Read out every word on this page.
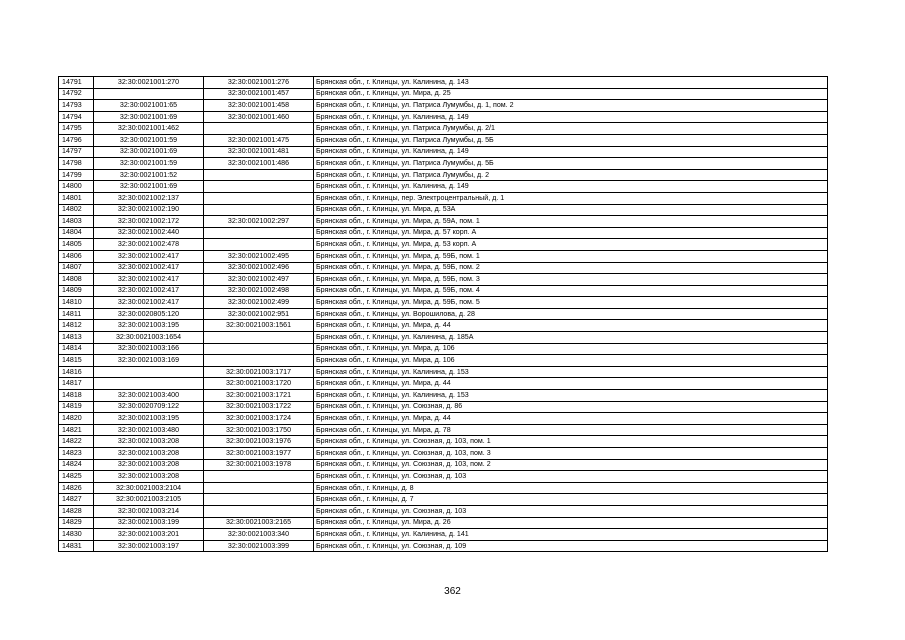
14791	32:30:0021001:270	32:30:0021001:276	Брянская обл., г. Клинцы, ул. Калинина, д. 143
14792		32:30:0021001:457	Брянская обл., г. Клинцы, ул. Мира, д. 25
14793	32:30:0021001:65	32:30:0021001:458	Брянская обл., г. Клинцы, ул. Патриса Лумумбы, д. 1, пом. 2
14794	32:30:0021001:69	32:30:0021001:460	Брянская обл., г. Клинцы, ул. Калинина, д. 149
14795	32:30:0021001:462		Брянская обл., г. Клинцы, ул. Патриса Лумумбы, д. 2/1
14796	32:30:0021001:59	32:30:0021001:475	Брянская обл., г. Клинцы, ул. Патриса Лумумбы, д. 5Б
14797	32:30:0021001:69	32:30:0021001:481	Брянская обл., г. Клинцы, ул. Калинина, д. 149
14798	32:30:0021001:59	32:30:0021001:486	Брянская обл., г. Клинцы, ул. Патриса Лумумбы, д. 5Б
14799	32:30:0021001:52		Брянская обл., г. Клинцы, ул. Патриса Лумумбы, д. 2
14800	32:30:0021001:69		Брянская обл., г. Клинцы, ул. Калинина, д. 149
14801	32:30:0021002:137		Брянская обл., г. Клинцы, пер. Электроцентральный, д. 1
14802	32:30:0021002:190		Брянская обл., г. Клинцы, ул. Мира, д. 53А
14803	32:30:0021002:172	32:30:0021002:297	Брянская обл., г. Клинцы, ул. Мира, д. 59А, пом. 1
14804	32:30:0021002:440		Брянская обл., г. Клинцы, ул. Мира, д. 57 корп. А
14805	32:30:0021002:478		Брянская обл., г. Клинцы, ул. Мира, д. 53 корп. А
14806	32:30:0021002:417	32:30:0021002:495	Брянская обл., г. Клинцы, ул. Мира, д. 59Б, пом. 1
14807	32:30:0021002:417	32:30:0021002:496	Брянская обл., г. Клинцы, ул. Мира, д. 59Б, пом. 2
14808	32:30:0021002:417	32:30:0021002:497	Брянская обл., г. Клинцы, ул. Мира, д. 59Б, пом. 3
14809	32:30:0021002:417	32:30:0021002:498	Брянская обл., г. Клинцы, ул. Мира, д. 59Б, пом. 4
14810	32:30:0021002:417	32:30:0021002:499	Брянская обл., г. Клинцы, ул. Мира, д. 59Б, пом. 5
14811	32:30:0020805:120	32:30:0021002:951	Брянская обл., г. Клинцы, ул. Ворошилова, д. 28
14812	32:30:0021003:195	32:30:0021003:1561	Брянская обл., г. Клинцы, ул. Мира, д. 44
14813	32:30:0021003:1654		Брянская обл., г. Клинцы, ул. Калинина, д. 185А
14814	32:30:0021003:166		Брянская обл., г. Клинцы, ул. Мира, д. 106
14815	32:30:0021003:169		Брянская обл., г. Клинцы, ул. Мира, д. 106
14816		32:30:0021003:1717	Брянская обл., г. Клинцы, ул. Калинина, д. 153
14817		32:30:0021003:1720	Брянская обл., г. Клинцы, ул. Мира, д. 44
14818	32:30:0021003:400	32:30:0021003:1721	Брянская обл., г. Клинцы, ул. Калинина, д. 153
14819	32:30:0020709:122	32:30:0021003:1722	Брянская обл., г. Клинцы, ул. Союзная, д. 86
14820	32:30:0021003:195	32:30:0021003:1724	Брянская обл., г. Клинцы, ул. Мира, д. 44
14821	32:30:0021003:480	32:30:0021003:1750	Брянская обл., г. Клинцы, ул. Мира, д. 78
14822	32:30:0021003:208	32:30:0021003:1976	Брянская обл., г. Клинцы, ул. Союзная, д. 103, пом. 1
14823	32:30:0021003:208	32:30:0021003:1977	Брянская обл., г. Клинцы, ул. Союзная, д. 103, пом. 3
14824	32:30:0021003:208	32:30:0021003:1978	Брянская обл., г. Клинцы, ул. Союзная, д. 103, пом. 2
14825	32:30:0021003:208		Брянская обл., г. Клинцы, ул. Союзная, д. 103
14826	32:30:0021003:2104		Брянская обл., г. Клинцы, д. 8
14827	32:30:0021003:2105		Брянская обл., г. Клинцы, д. 7
14828	32:30:0021003:214		Брянская обл., г. Клинцы, ул. Союзная, д. 103
14829	32:30:0021003:199	32:30:0021003:2165	Брянская обл., г. Клинцы, ул. Мира, д. 26
14830	32:30:0021003:201	32:30:0021003:340	Брянская обл., г. Клинцы, ул. Калинина, д. 141
14831	32:30:0021003:197	32:30:0021003:399	Брянская обл., г. Клинцы, ул. Союзная, д. 109
362
